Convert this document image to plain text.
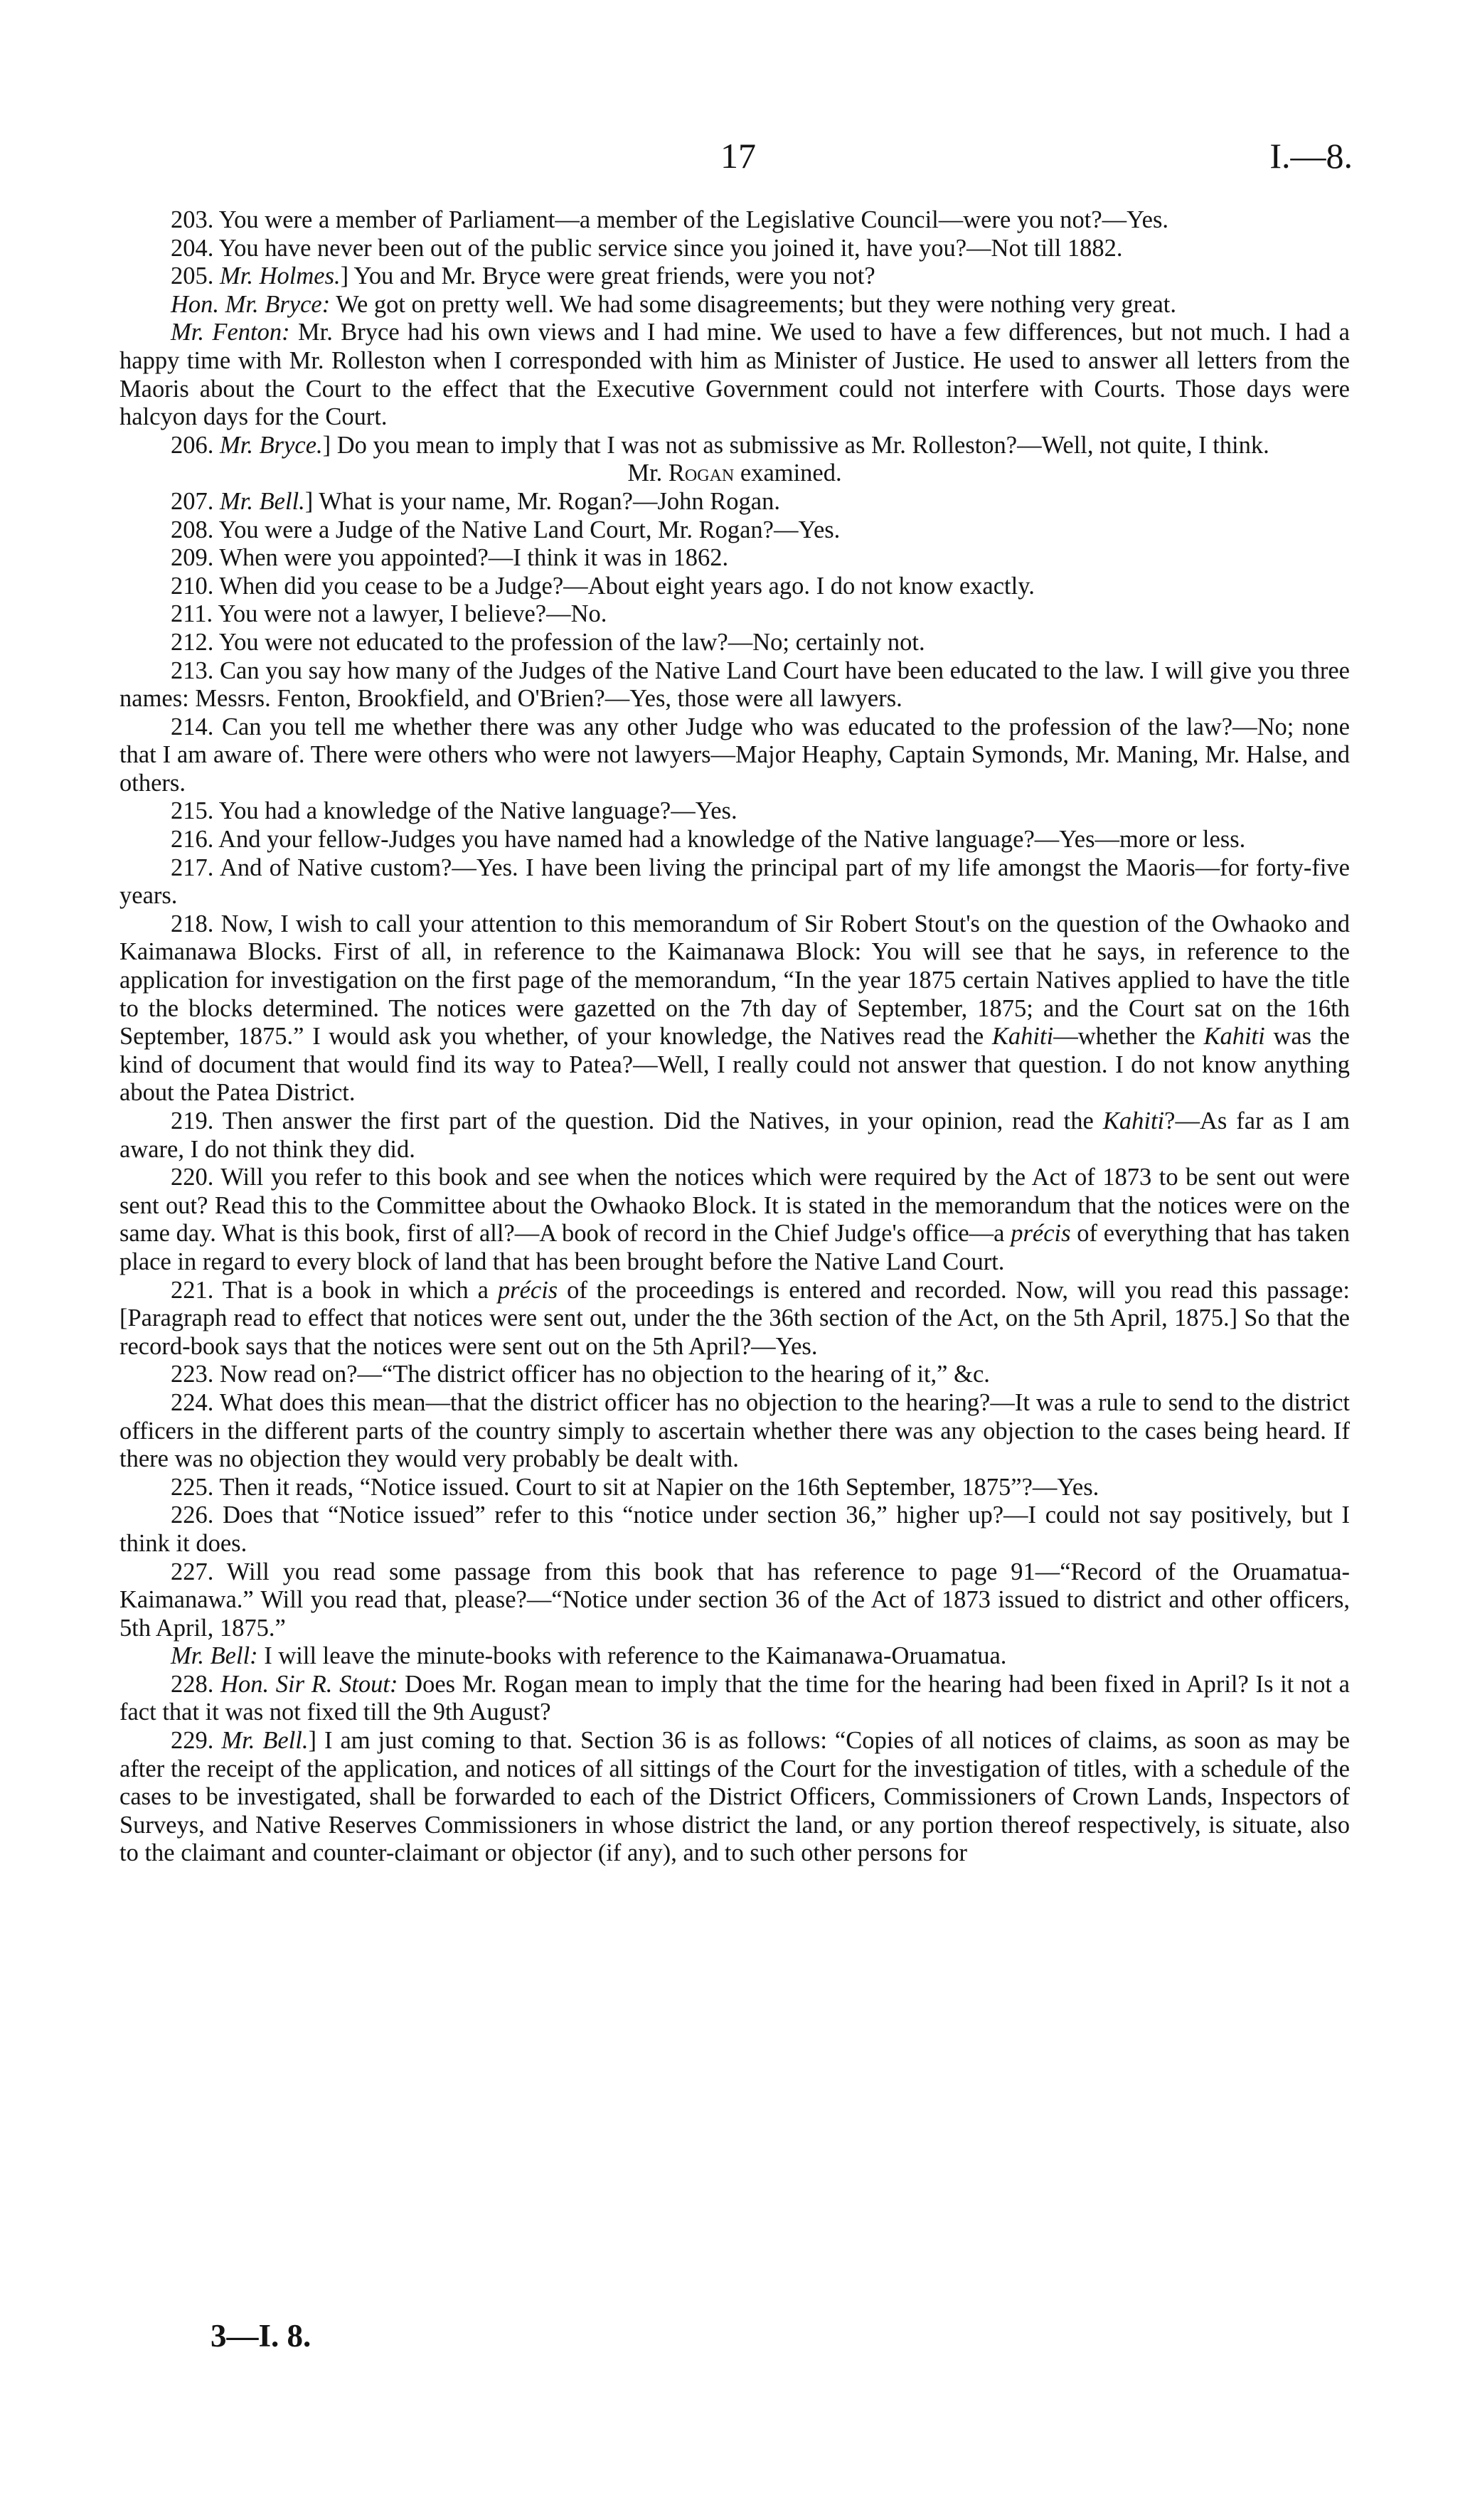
17	I.—8.

203. You were a member of Parliament—a member of the Legislative Council—were you not?—Yes.

204. You have never been out of the public service since you joined it, have you?—Not till 1882.

205. Mr. Holmes.] You and Mr. Bryce were great friends, were you not?

Hon. Mr. Bryce: We got on pretty well. We had some disagreements; but they were nothing very great.

Mr. Fenton: Mr. Bryce had his own views and I had mine. We used to have a few differences, but not much. I had a happy time with Mr. Rolleston when I corresponded with him as Minister of Justice. He used to answer all letters from the Maoris about the Court to the effect that the Executive Government could not interfere with Courts. Those days were halcyon days for the Court.

206. Mr. Bryce.] Do you mean to imply that I was not as submissive as Mr. Rolleston?—Well, not quite, I think.

Mr. Rogan examined.

207. Mr. Bell.] What is your name, Mr. Rogan?—John Rogan.

208. You were a Judge of the Native Land Court, Mr. Rogan?—Yes.

209. When were you appointed?—I think it was in 1862.

210. When did you cease to be a Judge?—About eight years ago. I do not know exactly.

211. You were not a lawyer, I believe?—No.

212. You were not educated to the profession of the law?—No; certainly not.

213. Can you say how many of the Judges of the Native Land Court have been educated to the law. I will give you three names: Messrs. Fenton, Brookfield, and O'Brien?—Yes, those were all lawyers.

214. Can you tell me whether there was any other Judge who was educated to the profession of the law?—No; none that I am aware of. There were others who were not lawyers—Major Heaphy, Captain Symonds, Mr. Maning, Mr. Halse, and others.

215. You had a knowledge of the Native language?—Yes.

216. And your fellow-Judges you have named had a knowledge of the Native language?—Yes—more or less.

217. And of Native custom?—Yes. I have been living the principal part of my life amongst the Maoris—for forty-five years.

218. Now, I wish to call your attention to this memorandum of Sir Robert Stout's on the question of the Owhaoko and Kaimanawa Blocks. First of all, in reference to the Kaimanawa Block: You will see that he says, in reference to the application for investigation on the first page of the memorandum, “In the year 1875 certain Natives applied to have the title to the blocks determined. The notices were gazetted on the 7th day of September, 1875; and the Court sat on the 16th September, 1875.” I would ask you whether, of your knowledge, the Natives read the Kahiti—whether the Kahiti was the kind of document that would find its way to Patea?—Well, I really could not answer that question. I do not know anything about the Patea District.

219. Then answer the first part of the question. Did the Natives, in your opinion, read the Kahiti?—As far as I am aware, I do not think they did.

220. Will you refer to this book and see when the notices which were required by the Act of 1873 to be sent out were sent out? Read this to the Committee about the Owhaoko Block. It is stated in the memorandum that the notices were on the same day. What is this book, first of all?—A book of record in the Chief Judge's office—a précis of everything that has taken place in regard to every block of land that has been brought before the Native Land Court.

221. That is a book in which a précis of the proceedings is entered and recorded. Now, will you read this passage: [Paragraph read to effect that notices were sent out, under the the 36th section of the Act, on the 5th April, 1875.] So that the record-book says that the notices were sent out on the 5th April?—Yes.

223. Now read on?—“The district officer has no objection to the hearing of it,” &c.

224. What does this mean—that the district officer has no objection to the hearing?—It was a rule to send to the district officers in the different parts of the country simply to ascertain whether there was any objection to the cases being heard. If there was no objection they would very probably be dealt with.

225. Then it reads, “Notice issued. Court to sit at Napier on the 16th September, 1875”?—Yes.

226. Does that “Notice issued” refer to this “notice under section 36,” higher up?—I could not say positively, but I think it does.

227. Will you read some passage from this book that has reference to page 91—“Record of the Oruamatua-Kaimanawa.” Will you read that, please?—“Notice under section 36 of the Act of 1873 issued to district and other officers, 5th April, 1875.”

Mr. Bell: I will leave the minute-books with reference to the Kaimanawa-Oruamatua.

228. Hon. Sir R. Stout: Does Mr. Rogan mean to imply that the time for the hearing had been fixed in April? Is it not a fact that it was not fixed till the 9th August?

229. Mr. Bell.] I am just coming to that. Section 36 is as follows: “Copies of all notices of claims, as soon as may be after the receipt of the application, and notices of all sittings of the Court for the investigation of titles, with a schedule of the cases to be investigated, shall be forwarded to each of the District Officers, Commissioners of Crown Lands, Inspectors of Surveys, and Native Reserves Commissioners in whose district the land, or any portion thereof respectively, is situate, also to the claimant and counter-claimant or objector (if any), and to such other persons for

3—I. 8.
